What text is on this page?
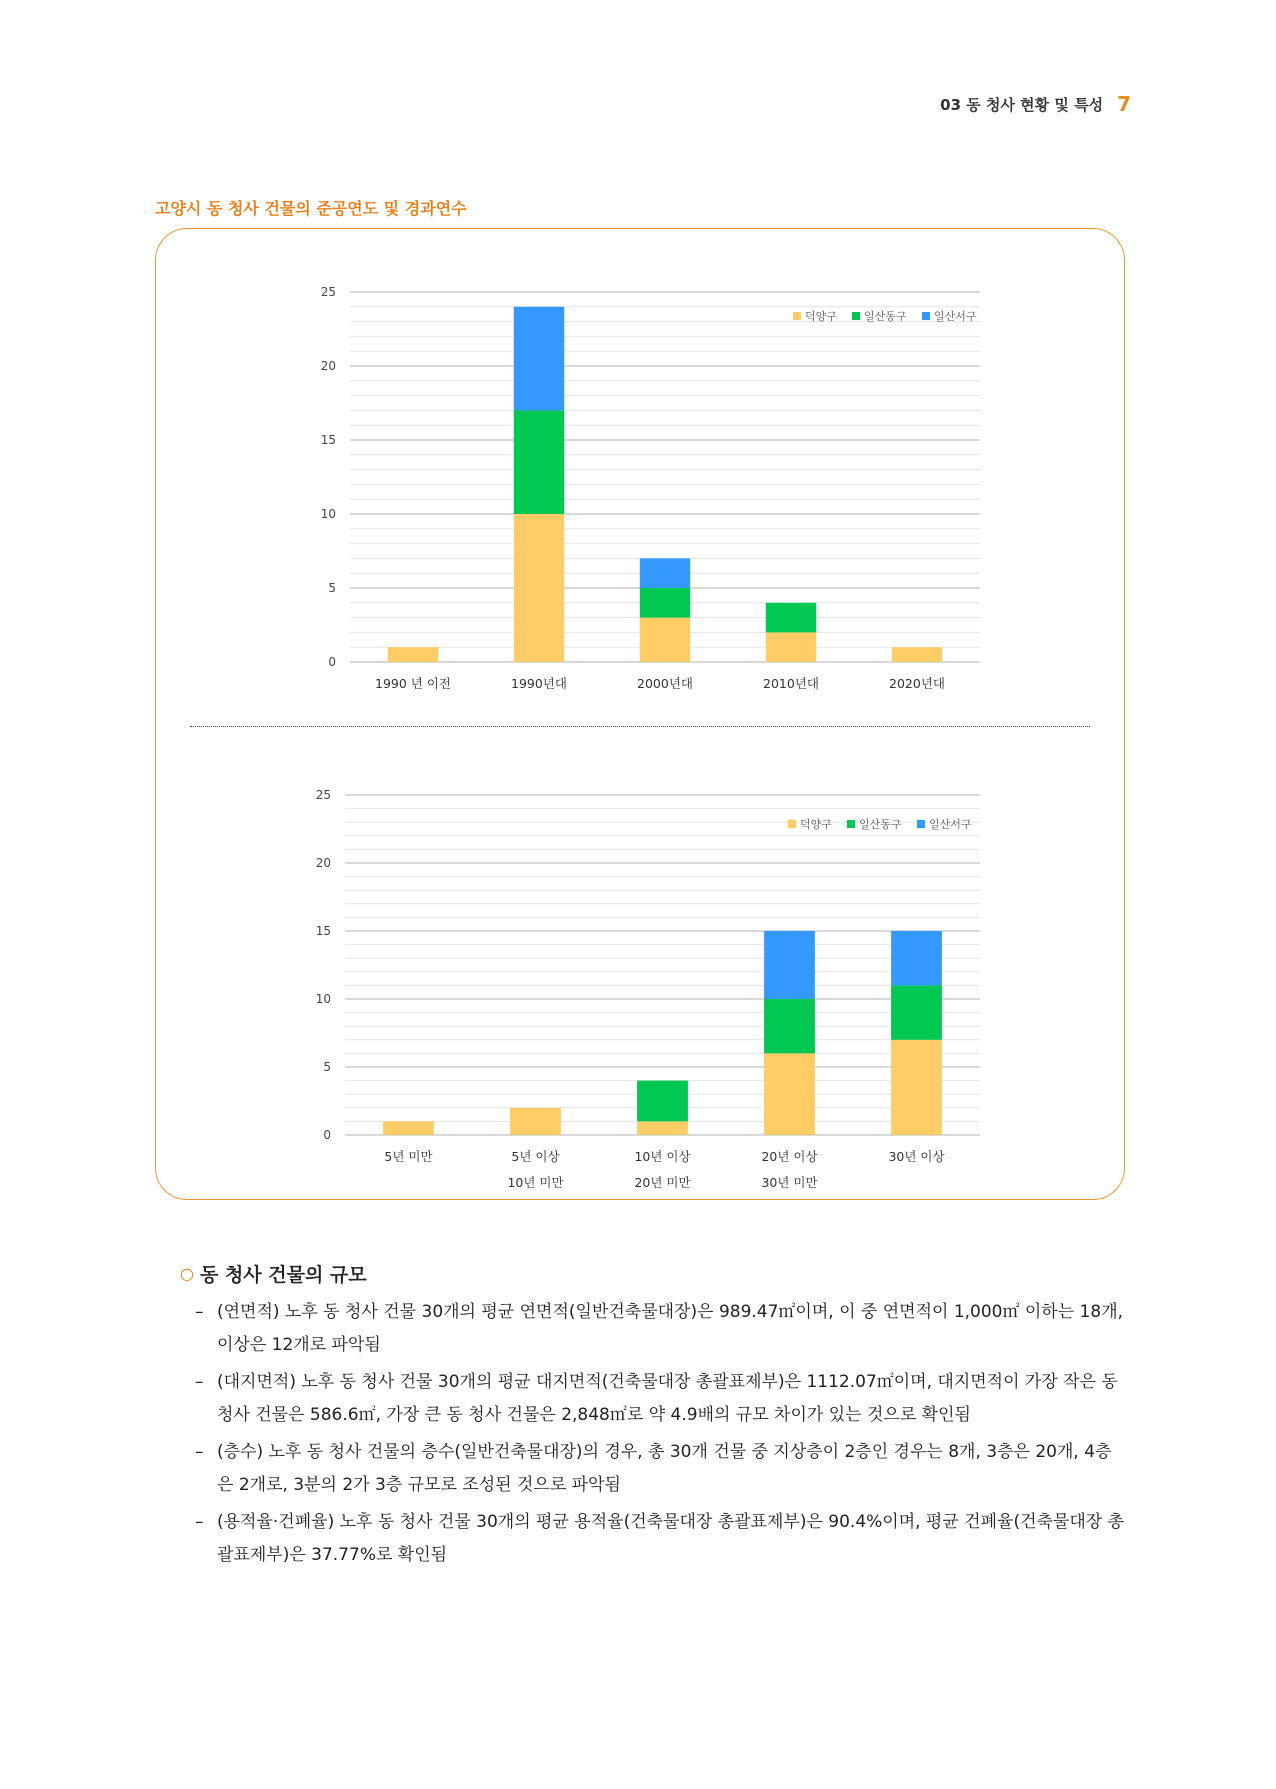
03 동 청사 현황 및 특성 7
고양시 동 청사 건물의 준공연도 및 경과연수
0
5
10
15
20
25
1990 년 이전	1990년대	2000년대	2010년대	2020년대
덕양구 일산동구 일산서구
0
5
10
15
20
25
5년 미만	5년 이상
10년 미만
10년 이상
20년 미만
20년 이상
30년 미만
30년 이상
덕양구 일산동구 일산서구
○ 동 청사 건물의 규모
– (연면적) 노후 동 청사 건물 30개의 평균 연면적(일반건축물대장)은 989.47㎡이며, 이 중 연면적이 1,000㎡ 이하는 18개, 이상은 12개로 파악됨
– (대지면적) 노후 동 청사 건물 30개의 평균 대지면적(건축물대장 총괄표제부)은 1112.07㎡이며, 대지면적이 가장 작은 동 청사 건물은 586.6㎡, 가장 큰 동 청사 건물은 2,848㎡로 약 4.9배의 규모 차이가 있는 것으로 확인됨
– (층수) 노후 동 청사 건물의 층수(일반건축물대장)의 경우, 총 30개 건물 중 지상층이 2층인 경우는 8개, 3층은 20개, 4층은 2개로, 3분의 2가 3층 규모로 조성된 것으로 파악됨
– (용적율·건폐율) 노후 동 청사 건물 30개의 평균 용적율(건축물대장 총괄표제부)은 90.4%이며, 평균 건폐율(건축물대장 총괄표제부)은 37.77%로 확인됨
